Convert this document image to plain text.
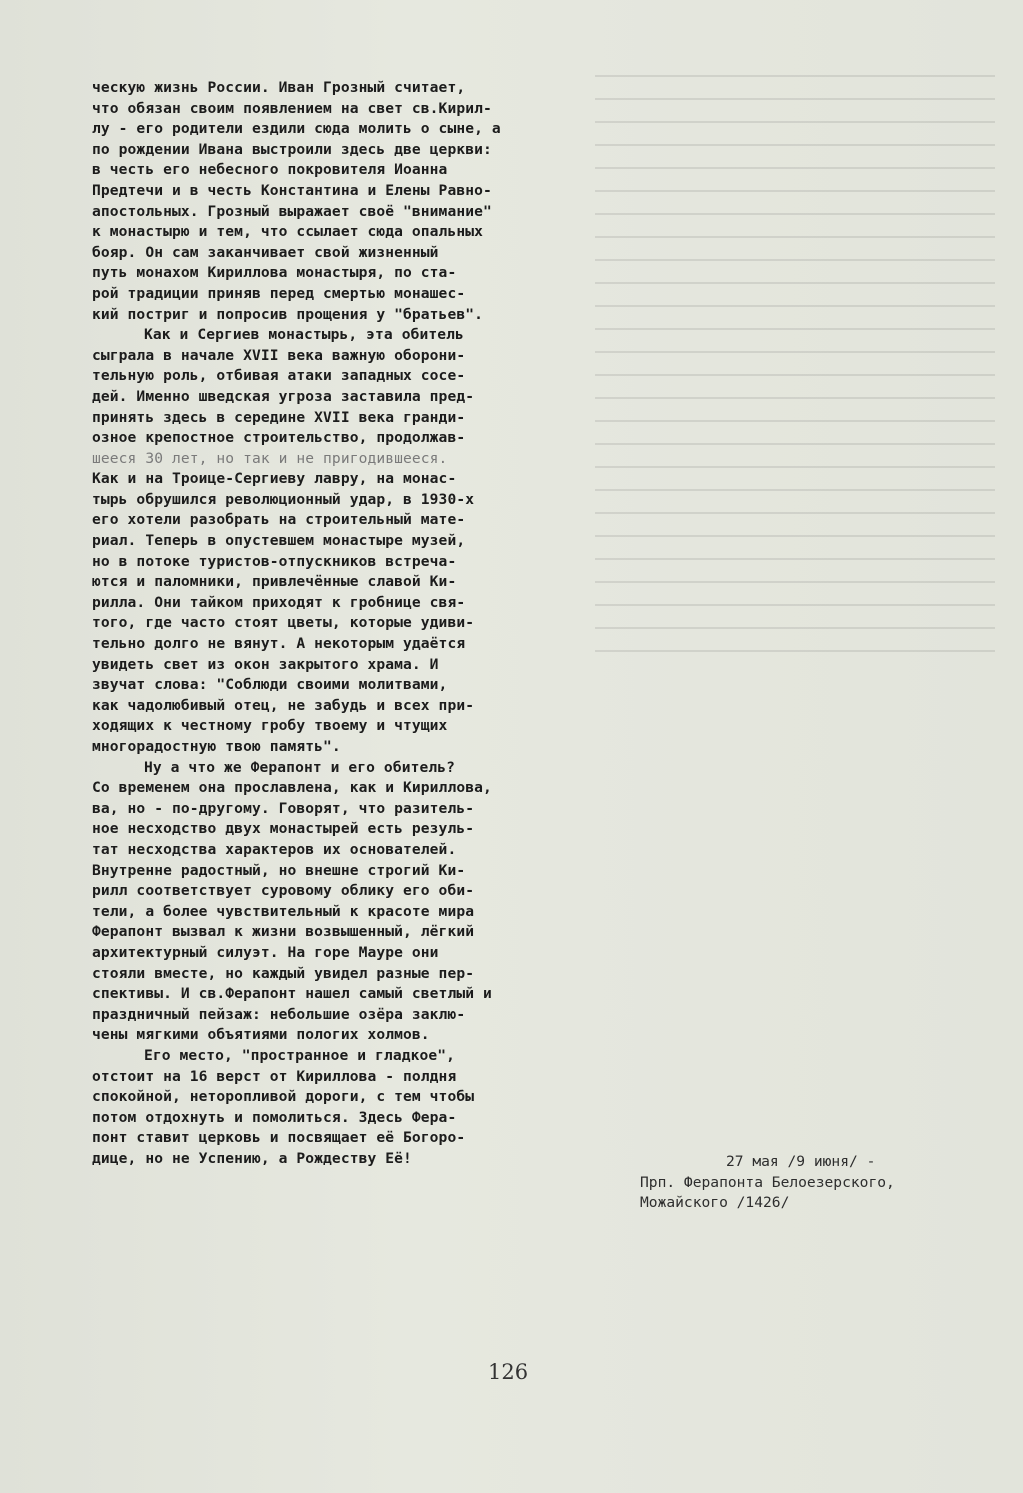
ческую жизнь России. Иван Грозный считает,

что обязан своим появлением на свет св.Кирил-

лу - его родители ездили сюда молить о сыне, а

по рождении Ивана выстроили здесь две церкви:

в честь его небесного покровителя Иоанна

Предтечи и в честь Константина и Елены Равно-

апостольных. Грозный выражает своё "внимание"

к монастырю и тем, что ссылает сюда опальных

бояр. Он сам заканчивает свой жизненный

путь монахом Кириллова монастыря, по ста-

рой традиции приняв перед смертью монашес-

кий постриг и попросив прощения у "братьев".

Как и Сергиев монастырь, эта обитель

сыграла в начале XVII века важную оборони-

тельную роль, отбивая атаки западных сосе-

дей. Именно шведская угроза заставила пред-

принять здесь в середине XVII века гранди-

озное крепостное строительство, продолжав-

шееся 30 лет, но так и не пригодившееся.

Как и на Троице-Сергиеву лавру, на монас-

тырь обрушился революционный удар, в 1930-х

его хотели разобрать на строительный мате-

риал. Теперь в опустевшем монастыре музей,

но в потоке туристов-отпускников встреча-

ются и паломники, привлечённые славой Ки-

рилла. Они тайком приходят к гробнице свя-

того, где часто стоят цветы, которые удиви-

тельно долго не вянут. А некоторым удаётся

увидеть свет из окон закрытого храма. И

звучат слова: "Соблюди своими молитвами,

как чадолюбивый отец, не забудь и всех при-

ходящих к честному гробу твоему и чтущих

многорадостную твою память".

Ну а что же Ферапонт и его обитель?

Со временем она прославлена, как и Кириллова,

ва, но - по-другому. Говорят, что разитель-

ное несходство двух монастырей есть резуль-

тат несходства характеров их основателей.

Внутренне радостный, но внешне строгий Ки-

рилл соответствует суровому облику его оби-

тели, а более чувствительный к красоте мира

Ферапонт вызвал к жизни возвышенный, лёгкий

архитектурный силуэт. На горе Мауре они

стояли вместе, но каждый увидел разные пер-

спективы. И св.Ферапонт нашел самый светлый и

праздничный пейзаж: небольшие озёра заклю-

чены мягкими объятиями пологих холмов.

Его место, "пространное и гладкое",

отстоит на 16 верст от Кириллова - полдня

спокойной, неторопливой дороги, с тем чтобы

потом отдохнуть и помолиться. Здесь Фера-

понт ставит церковь и посвящает её Богоро-

дице, но не Успению, а Рождеству Её!	27 мая /9 июня/ -

Прп. Ферапонта Белоезерского,

Можайского /1426/

126
